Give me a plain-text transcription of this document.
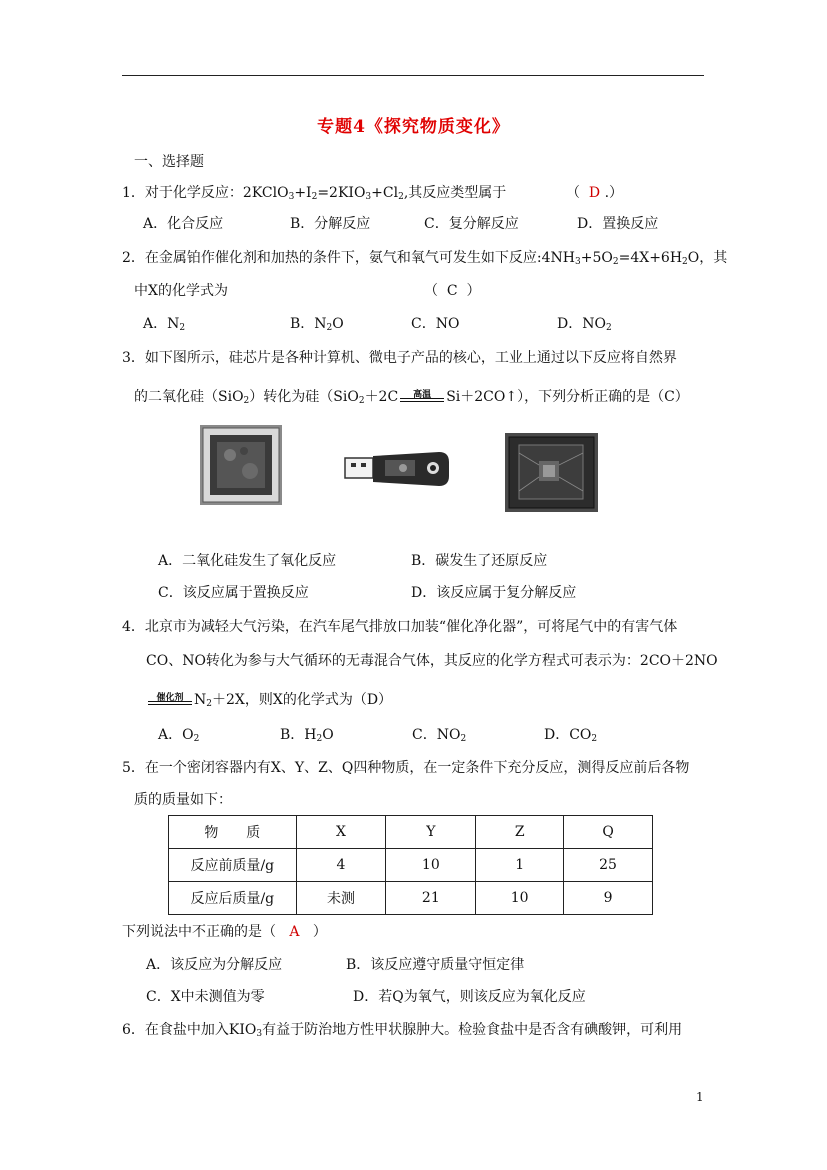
专题4《探究物质变化》
一、选择题
1．对于化学反应：$2KClO_3+I_2=2KIO_3+Cl_2$,其反应类型属于	（ D .）
A．化合反应	B．分解反应	C．复分解反应	D．置换反应
2．在金属铂作催化剂和加热的条件下，氨气和氧气可发生如下反应$:4NH_3+5O_2=4X+6H_2O$，其
中X的化学式为	（ C ）
A．$N_2$	B．$N_2O$	C．NO	D．$NO_2$
3．如下图所示，硅芯片是各种计算机、微电子产品的核心，工业上通过以下反应将自然界
的二氧化硅（SiO$_2$）转化为硅（SiO$_2$＋2C	高温	Si＋2CO↑），下列分析正确的是（C）
A．二氧化硅发生了氧化反应	B．碳发生了还原反应
C．该反应属于置换反应	D．该反应属于复分解反应
4．北京市为减轻大气污染，在汽车尾气排放口加装“催化净化器”，可将尾气中的有害气体
CO、NO转化为参与大气循环的无毒混合气体，其反应的化学方程式可表示为：2CO＋2NO
催化剂 $N_2+2X$，则X的化学式为（D）
A．$O_2$	B．$H_2O$	C．$NO_2$	D．$CO_2$
5．在一个密闭容器内有X、Y、Z、Q四种物质，在一定条件下充分反应，测得反应前后各物
质的质量如下：
物　　质	X	Y	Z	Q
反应前质量/g	4	10	1	25
反应后质量/g	未测	21	10	9
下列说法中不正确的是（ A ）
A．该反应为分解反应	B．该反应遵守质量守恒定律
C．X中未测值为零	D．若Q为氧气，则该反应为氧化反应
6．在食盐中加入$KIO_3$有益于防治地方性甲状腺肿大。检验食盐中是否含有碘酸钾，可利用
1
